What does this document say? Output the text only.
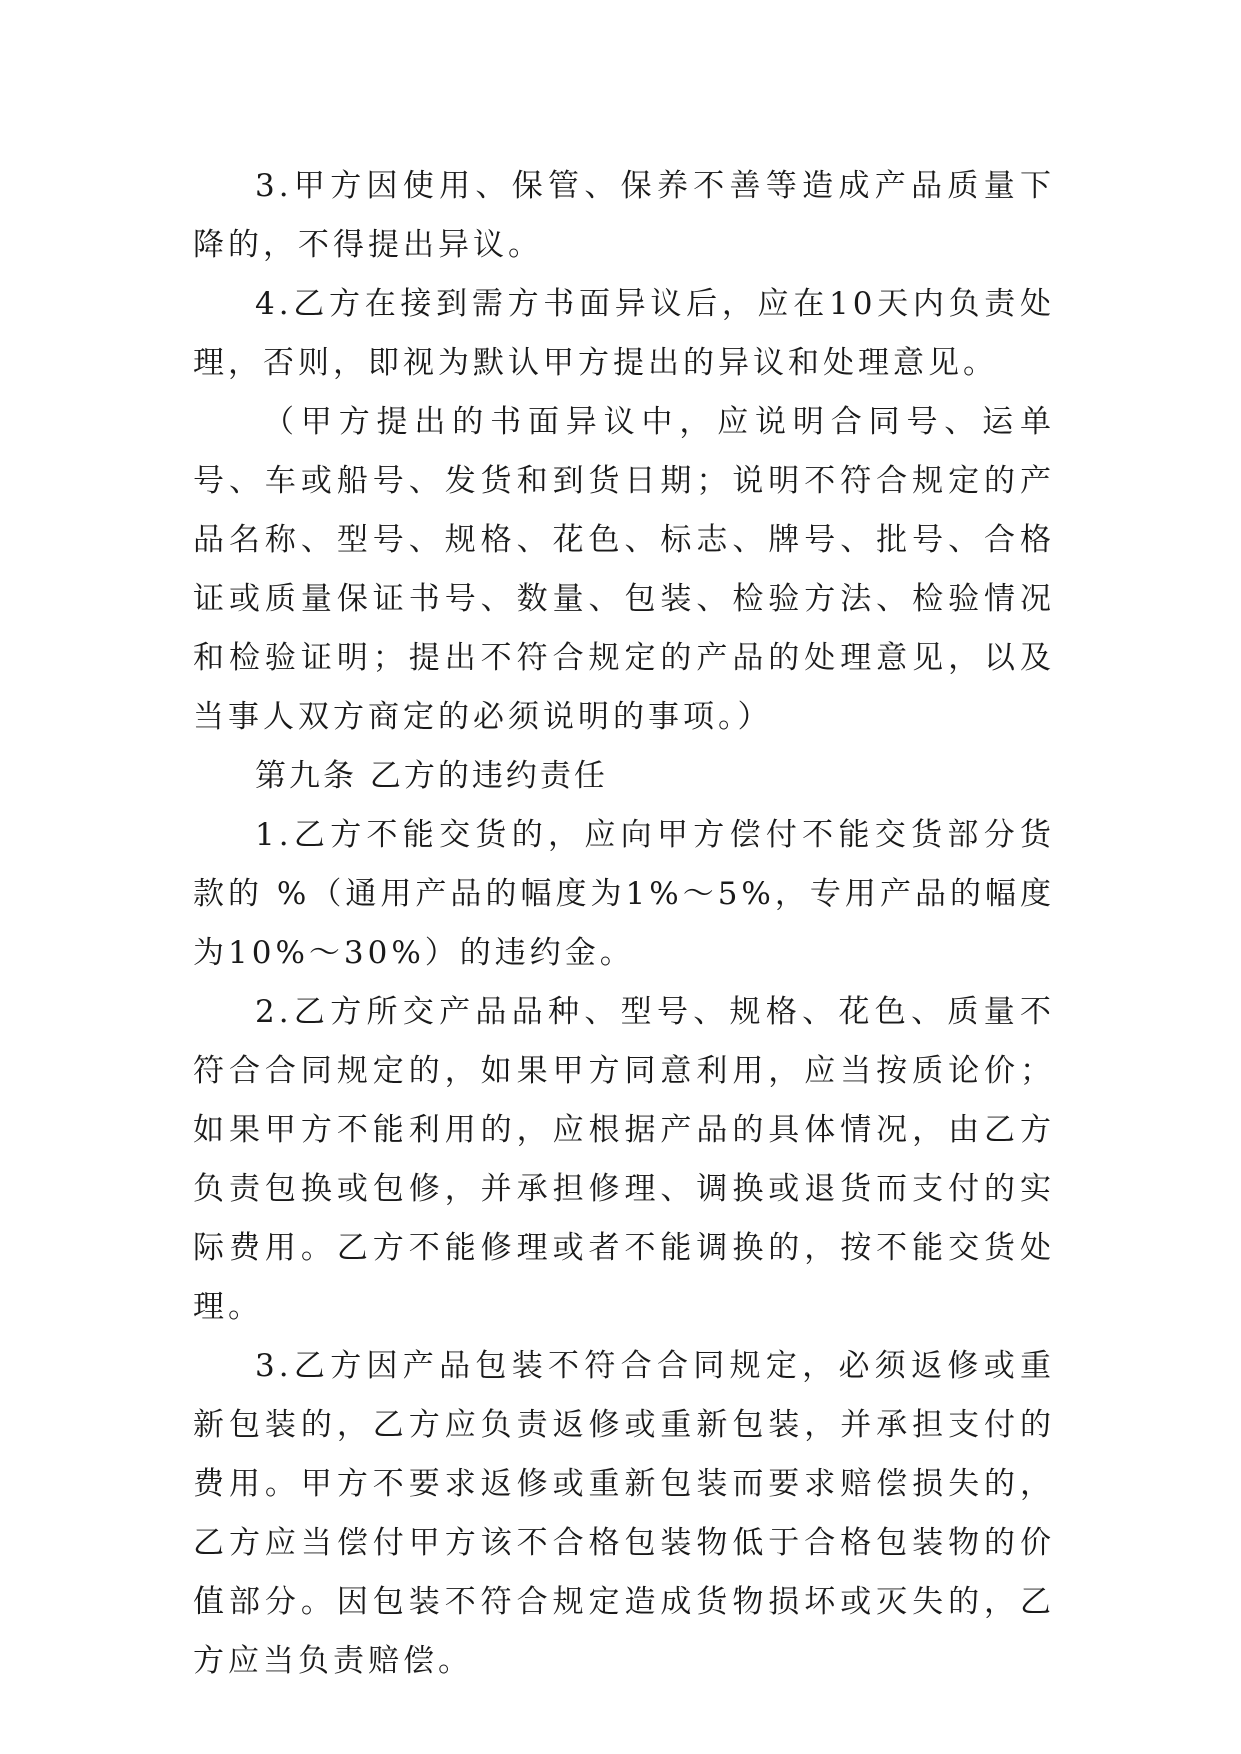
3.甲方因使用、保管、保养不善等造成产品质量下降的，不得提出异议。

4.乙方在接到需方书面异议后，应在10天内负责处理，否则，即视为默认甲方提出的异议和处理意见。

（甲方提出的书面异议中，应说明合同号、运单号、车或船号、发货和到货日期；说明不符合规定的产品名称、型号、规格、花色、标志、牌号、批号、合格证或质量保证书号、数量、包装、检验方法、检验情况和检验证明；提出不符合规定的产品的处理意见，以及当事人双方商定的必须说明的事项。）

第九条 乙方的违约责任

1.乙方不能交货的，应向甲方偿付不能交货部分货款的 %（通用产品的幅度为1%～5%，专用产品的幅度为10%～30%）的违约金。

2.乙方所交产品品种、型号、规格、花色、质量不符合合同规定的，如果甲方同意利用，应当按质论价；如果甲方不能利用的，应根据产品的具体情况，由乙方负责包换或包修，并承担修理、调换或退货而支付的实际费用。乙方不能修理或者不能调换的，按不能交货处理。

3.乙方因产品包装不符合合同规定，必须返修或重新包装的，乙方应负责返修或重新包装，并承担支付的费用。甲方不要求返修或重新包装而要求赔偿损失的，乙方应当偿付甲方该不合格包装物低于合格包装物的价值部分。因包装不符合规定造成货物损坏或灭失的，乙方应当负责赔偿。
